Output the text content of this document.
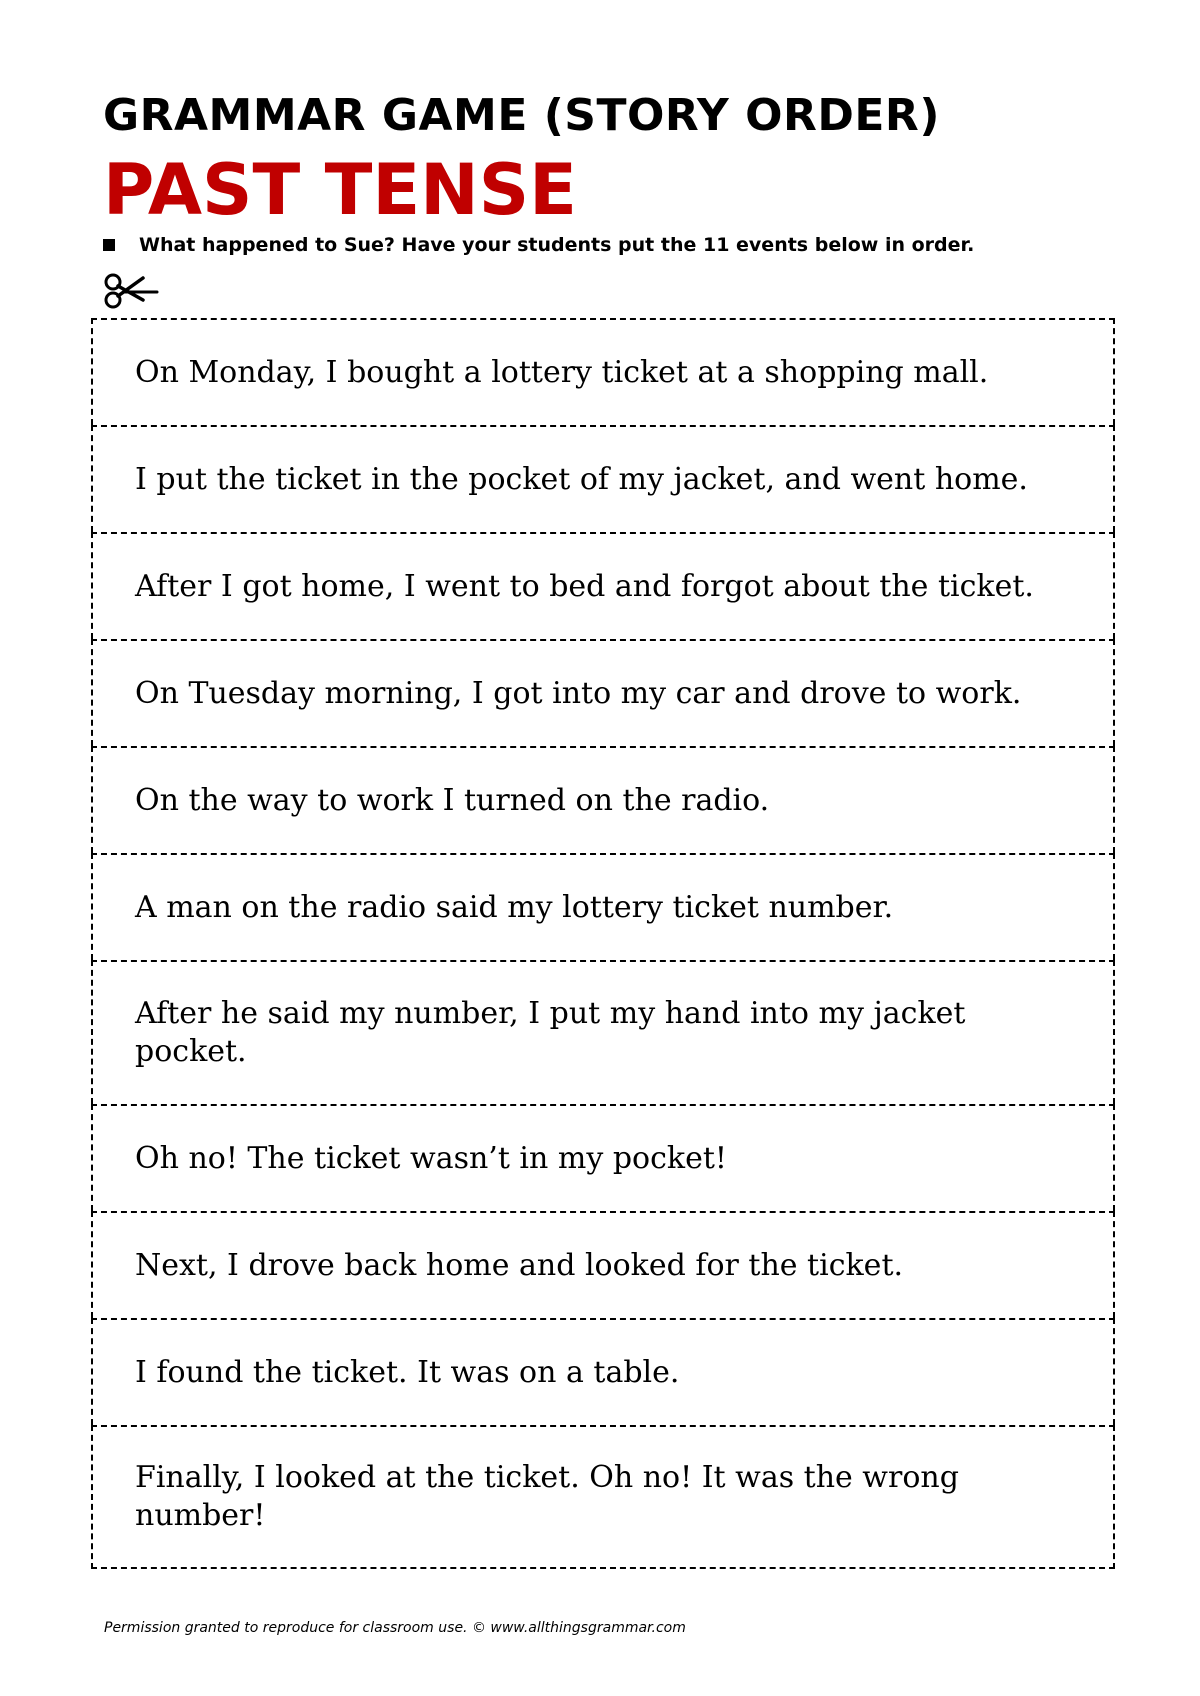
GRAMMAR GAME (STORY ORDER)
PAST TENSE
What happened to Sue? Have your students put the 11 events below in order.
On Monday, I bought a lottery ticket at a shopping mall.
I put the ticket in the pocket of my jacket, and went home.
After I got home, I went to bed and forgot about the ticket.
On Tuesday morning, I got into my car and drove to work.
On the way to work I turned on the radio.
A man on the radio said my lottery ticket number.
After he said my number, I put my hand into my jacket pocket.
Oh no! The ticket wasn’t in my pocket!
Next, I drove back home and looked for the ticket.
I found the ticket. It was on a table.
Finally, I looked at the ticket. Oh no! It was the wrong number!

Permission granted to reproduce for classroom use. © www.allthingsgrammar.com
